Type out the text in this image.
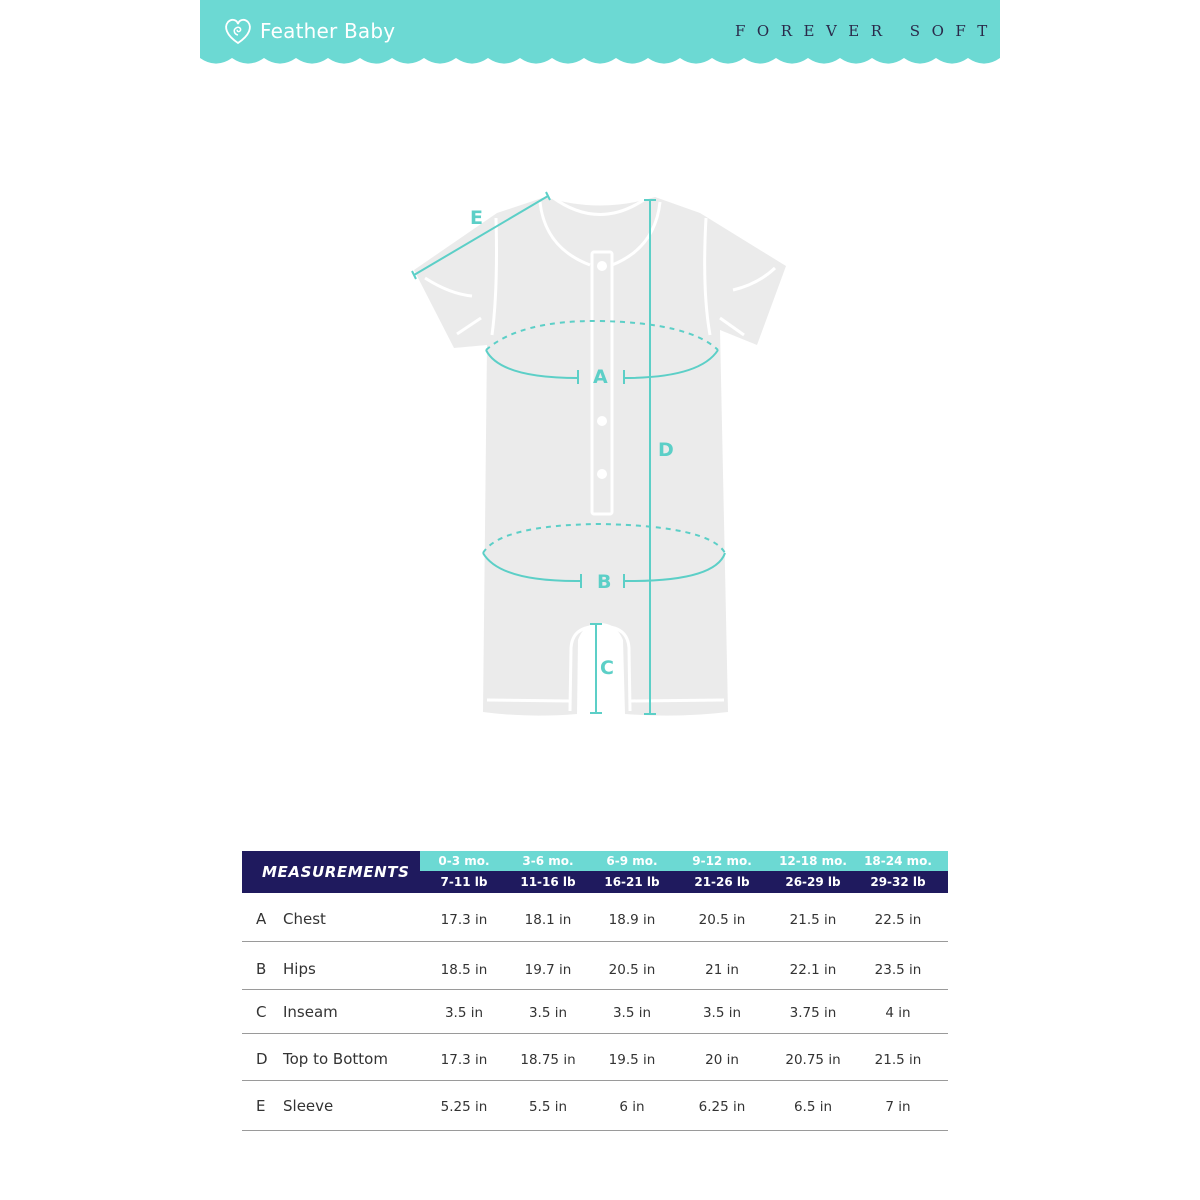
Feather Baby	FOREVER SOFT
E
A
B
D
C
MEASUREMENTS
0-3 mo.	3-6 mo.	6-9 mo.	9-12 mo.	12-18 mo.	18-24 mo.
7-11 lb	11-16 lb	16-21 lb	21-26 lb	26-29 lb	29-32 lb
A Chest	17.3 in	18.1 in	18.9 in	20.5 in	21.5 in	22.5 in
B Hips	18.5 in	19.7 in	20.5 in	21 in	22.1 in	23.5 in
C Inseam	3.5 in	3.5 in	3.5 in	3.5 in	3.75 in	4 in
D Top to Bottom	17.3 in	18.75 in	19.5 in	20 in	20.75 in	21.5 in
E Sleeve	5.25 in	5.5 in	6 in	6.25 in	6.5 in	7 in
